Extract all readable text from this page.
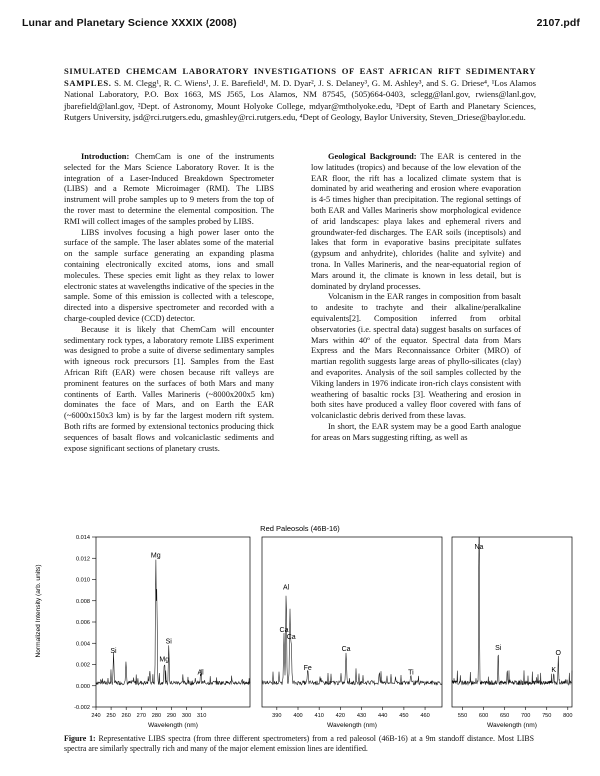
Lunar and Planetary Science XXXIX (2008)	2107.pdf
SIMULATED CHEMCAM LABORATORY INVESTIGATIONS OF EAST AFRICAN RIFT SEDIMENTARY SAMPLES. S. M. Clegg¹, R. C. Wiens¹, J. E. Barefield¹, M. D. Dyar², J. S. Delaney³, G. M. Ashley³, and S. G. Driese⁴, ¹Los Alamos National Laboratory, P.O. Box 1663, MS J565, Los Alamos, NM 87545, (505)664-0403, sclegg@lanl.gov, rwiens@lanl.gov, jbarefield@lanl.gov, ²Dept. of Astronomy, Mount Holyoke College, mdyar@mtholyoke.edu, ³Dept of Earth and Planetary Sciences, Rutgers University, jsd@rci.rutgers.edu, gmashley@rci.rutgers.edu, ⁴Dept of Geology, Baylor University, Steven_Driese@baylor.edu.

Introduction: ChemCam is one of the instruments selected for the Mars Science Laboratory Rover. It is the integration of a Laser-Induced Breakdown Spectrometer (LIBS) and a Remote Microimager (RMI). The LIBS instrument will probe samples up to 9 meters from the top of the rover mast to determine the elemental composition. The RMI will collect images of the samples probed by LIBS.

LIBS involves focusing a high power laser onto the surface of the sample. The laser ablates some of the material on the sample surface generating an expanding plasma containing electronically excited atoms, ions and small molecules. These species emit light as they relax to lower electronic states at wavelengths indicative of the species in the sample. Some of this emission is collected with a telescope, directed into a dispersive spectrometer and recorded with a charge-coupled device (CCD) detector.

Because it is likely that ChemCam will encounter sedimentary rock types, a laboratory remote LIBS experiment was designed to probe a suite of diverse sedimentary samples with igneous rock precursors [1]. Samples from the East African Rift (EAR) were chosen because rift valleys are prominent features on the surfaces of both Mars and many continents of Earth. Valles Marineris (~8000x200x5 km) dominates the face of Mars, and on Earth the EAR (~6000x150x3 km) is by far the largest modern rift system. Both rifts are formed by extensional tectonics producing thick sequences of basalt flows and volcaniclastic sediments and expose significant sections of planetary crusts.

Geological Background: The EAR is centered in the low latitudes (tropics) and because of the low elevation of the EAR floor, the rift has a localized climate system that is dominated by arid weathering and erosion where evaporation is 4-5 times higher than precipitation. The regional settings of both EAR and Valles Marineris show morphological evidence of arid landscapes: playa lakes and ephemeral rivers and groundwater-fed discharges. The EAR soils (inceptisols) and lakes that form in evaporative basins precipitate sulfates (gypsum and anhydrite), chlorides (halite and sylvite) and trona. In Valles Marineris, and the near-equatorial region of Mars around it, the climate is known in less detail, but is dominated by dryland processes.

Volcanism in the EAR ranges in composition from basalt to andesite to trachyte and their alkaline/peralkaline equivalents[2]. Composition inferred from orbital observatories (i.e. spectral data) suggest basalts on surfaces of Mars within 40º of the equator. Spectral data from Mars Express and the Mars Reconnaissance Orbiter (MRO) of martian regolith suggests large areas of phyllo-silicates (clay) and evaporites. Analysis of the soil samples collected by the Viking landers in 1976 indicate iron-rich clays consistent with weathering of basaltic rocks [3]. Weathering and erosion in both sites have produced a valley floor covered with fans of volcaniclastic debris derived from these lavas.

In short, the EAR system may be a good Earth analogue for areas on Mars suggesting rifting, as well as

Red Paleosols (46B-16)
Normalized Intensity (arb. units)
0.014
0.012
0.010
0.008
0.006
0.004
0.002
0.000
-0.002
Si
Mg
Mg
Si
Al
240 250 260 270 280 290 300 310
Wavelength (nm)
Ca
Al
Ca
Fe
Ca
Ti
390 400 410 420 430 440 450 460
Wavelength (nm)
Na
Si
K
O
550 600 650 700 750 800
Wavelength (nm)
Figure 1: Representative LIBS spectra (from three different spectrometers) from a red paleosol (46B-16) at a 9m standoff distance. Most LIBS spectra are similarly spectrally rich and many of the major element emission lines are identified.
